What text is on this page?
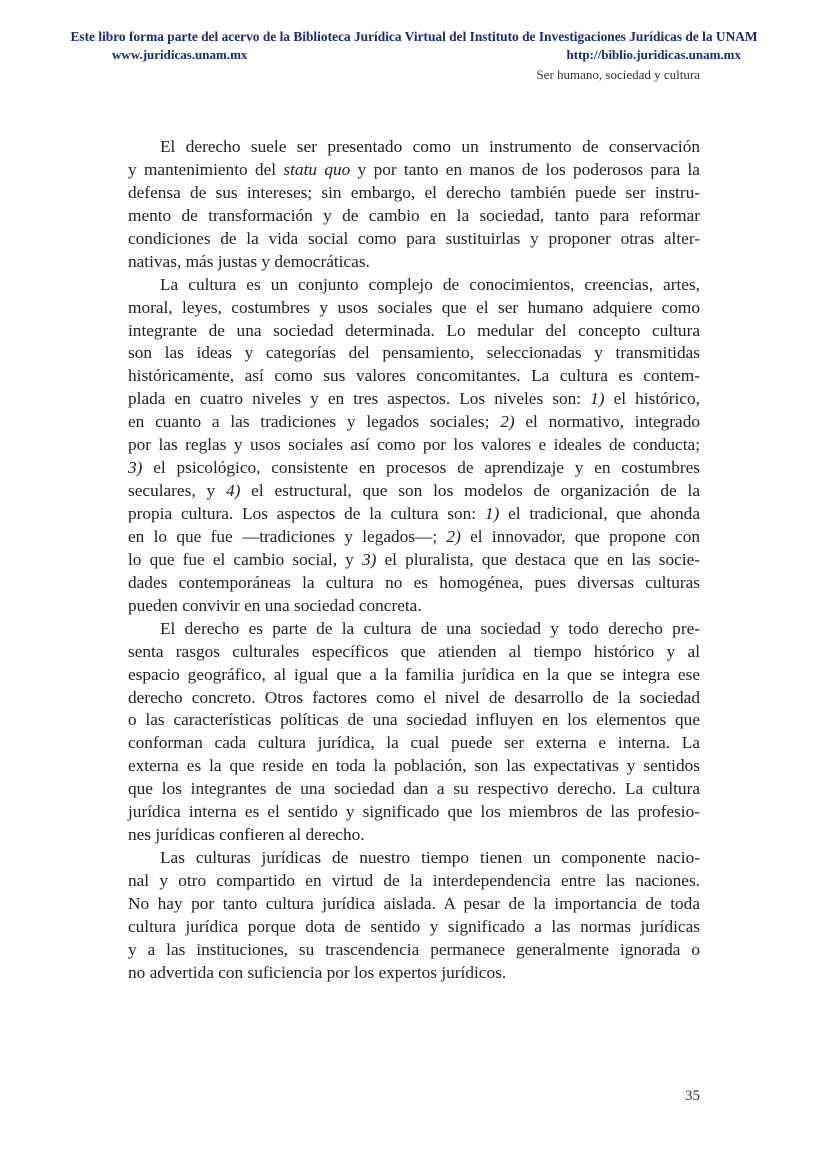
Este libro forma parte del acervo de la Biblioteca Jurídica Virtual del Instituto de Investigaciones Jurídicas de la UNAM
www.juridicas.unam.mx	http://biblio.juridicas.unam.mx
Ser humano, sociedad y cultura
El derecho suele ser presentado como un instrumento de conservación
y mantenimiento del statu quo y por tanto en manos de los poderosos para la
defensa de sus intereses; sin embargo, el derecho también puede ser instru-
mento de transformación y de cambio en la sociedad, tanto para reformar
condiciones de la vida social como para sustituirlas y proponer otras alter-
nativas, más justas y democráticas.
La cultura es un conjunto complejo de conocimientos, creencias, artes,
moral, leyes, costumbres y usos sociales que el ser humano adquiere como
integrante de una sociedad determinada. Lo medular del concepto cultura
son las ideas y categorías del pensamiento, seleccionadas y transmitidas
históricamente, así como sus valores concomitantes. La cultura es contem-
plada en cuatro niveles y en tres aspectos. Los niveles son: 1) el histórico,
en cuanto a las tradiciones y legados sociales; 2) el normativo, integrado
por las reglas y usos sociales así como por los valores e ideales de conducta;
3) el psicológico, consistente en procesos de aprendizaje y en costumbres
seculares, y 4) el estructural, que son los modelos de organización de la
propia cultura. Los aspectos de la cultura son: 1) el tradicional, que ahonda
en lo que fue —tradiciones y legados—; 2) el innovador, que propone con
lo que fue el cambio social, y 3) el pluralista, que destaca que en las socie-
dades contemporáneas la cultura no es homogénea, pues diversas culturas
pueden convivir en una sociedad concreta.
El derecho es parte de la cultura de una sociedad y todo derecho pre-
senta rasgos culturales específicos que atienden al tiempo histórico y al
espacio geográfico, al igual que a la familia jurídica en la que se integra ese
derecho concreto. Otros factores como el nivel de desarrollo de la sociedad
o las características políticas de una sociedad influyen en los elementos que
conforman cada cultura jurídica, la cual puede ser externa e interna. La
externa es la que reside en toda la población, son las expectativas y sentidos
que los integrantes de una sociedad dan a su respectivo derecho. La cultura
jurídica interna es el sentido y significado que los miembros de las profesio-
nes jurídicas confieren al derecho.
Las culturas jurídicas de nuestro tiempo tienen un componente nacio-
nal y otro compartido en virtud de la interdependencia entre las naciones.
No hay por tanto cultura jurídica aislada. A pesar de la importancia de toda
cultura jurídica porque dota de sentido y significado a las normas jurídicas
y a las instituciones, su trascendencia permanece generalmente ignorada o
no advertida con suficiencia por los expertos jurídicos.
35
